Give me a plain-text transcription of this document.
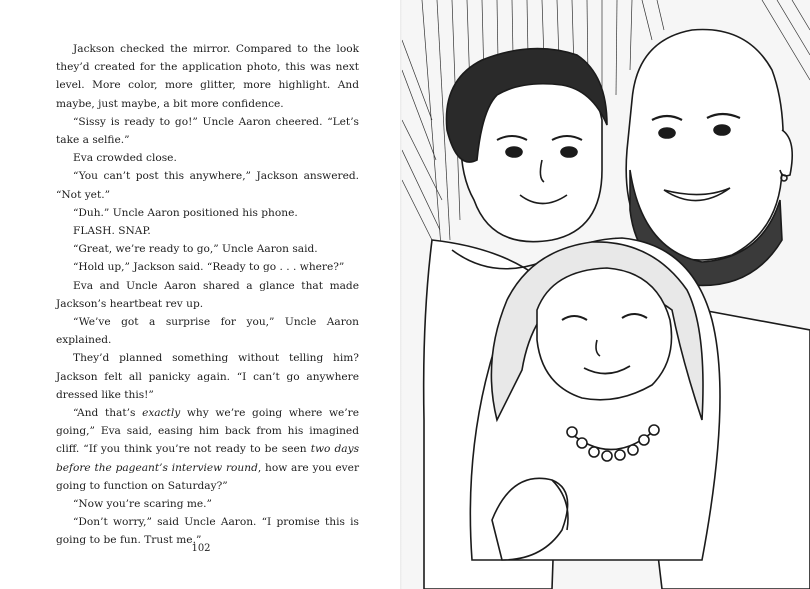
Jackson checked the mirror. Compared to the look they’d created for the application photo, this was next level. More color, more glitter, more highlight. And maybe, just maybe, a bit more confidence.

“Sissy is ready to go!” Uncle Aaron cheered. “Let’s take a selfie.”

Eva crowded close.

“You can’t post this anywhere,” Jackson answered. “Not yet.”

“Duh.” Uncle Aaron positioned his phone.

FLASH. SNAP.

“Great, we’re ready to go,” Uncle Aaron said.

“Hold up,” Jackson said. “Ready to go . . . where?”

Eva and Uncle Aaron shared a glance that made Jackson’s heartbeat rev up.

“We’ve got a surprise for you,” Uncle Aaron explained.

They’d planned something without telling him? Jackson felt all panicky again. “I can’t go anywhere dressed like this!”

“And that’s exactly why we’re going where we’re going,” Eva said, easing him back from his imagined cliff. “If you think you’re not ready to be seen two days before the pageant’s interview round, how are you ever going to function on Saturday?”

“Now you’re scaring me.”

“Don’t worry,” said Uncle Aaron. “I promise this is going to be fun. Trust me.”

102
